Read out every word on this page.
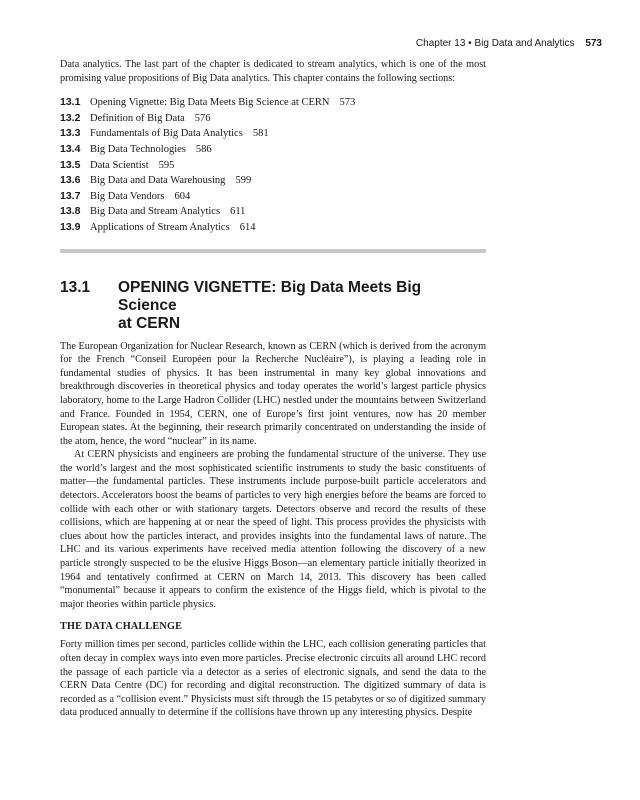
Chapter 13 • Big Data and Analytics 573

Data analytics. The last part of the chapter is dedicated to stream analytics, which is one of the most promising value propositions of Big Data analytics. This chapter contains the following sections:

13.1 Opening Vignette: Big Data Meets Big Science at CERN 573
13.2 Definition of Big Data 576
13.3 Fundamentals of Big Data Analytics 581
13.4 Big Data Technologies 586
13.5 Data Scientist 595
13.6 Big Data and Data Warehousing 599
13.7 Big Data Vendors 604
13.8 Big Data and Stream Analytics 611
13.9 Applications of Stream Analytics 614
13.1	OPENING VIGNETTE: Big Data Meets Big Science
at CERN

The European Organization for Nuclear Research, known as CERN (which is derived from the acronym for the French “Conseil Européen pour la Recherche Nucléaire”), is playing a leading role in fundamental studies of physics. It has been instrumental in many key global innovations and breakthrough discoveries in theoretical physics and today operates the world’s largest particle physics laboratory, home to the Large Hadron Collider (LHC) nestled under the mountains between Switzerland and France. Founded in 1954, CERN, one of Europe’s first joint ventures, now has 20 member European states. At the beginning, their research primarily concentrated on understanding the inside of the atom, hence, the word “nuclear” in its name.

At CERN physicists and engineers are probing the fundamental structure of the universe. They use the world’s largest and the most sophisticated scientific instruments to study the basic constituents of matter—the fundamental particles. These instruments include purpose-built particle accelerators and detectors. Accelerators boost the beams of particles to very high energies before the beams are forced to collide with each other or with stationary targets. Detectors observe and record the results of these collisions, which are happening at or near the speed of light. This process provides the physicists with clues about how the particles interact, and provides insights into the fundamental laws of nature. The LHC and its various experiments have received media attention following the discovery of a new particle strongly suspected to be the elusive Higgs Boson—an elementary particle initially theorized in 1964 and tentatively confirmed at CERN on March 14, 2013. This discovery has been called “monumental” because it appears to confirm the existence of the Higgs field, which is pivotal to the major theories within particle physics.

THE DATA CHALLENGE

Forty million times per second, particles collide within the LHC, each collision generating particles that often decay in complex ways into even more particles. Precise electronic circuits all around LHC record the passage of each particle via a detector as a series of electronic signals, and send the data to the CERN Data Centre (DC) for recording and digital reconstruction. The digitized summary of data is recorded as a “collision event.” Physicists must sift through the 15 petabytes or so of digitized summary data produced annually to determine if the collisions have thrown up any interesting physics. Despite
